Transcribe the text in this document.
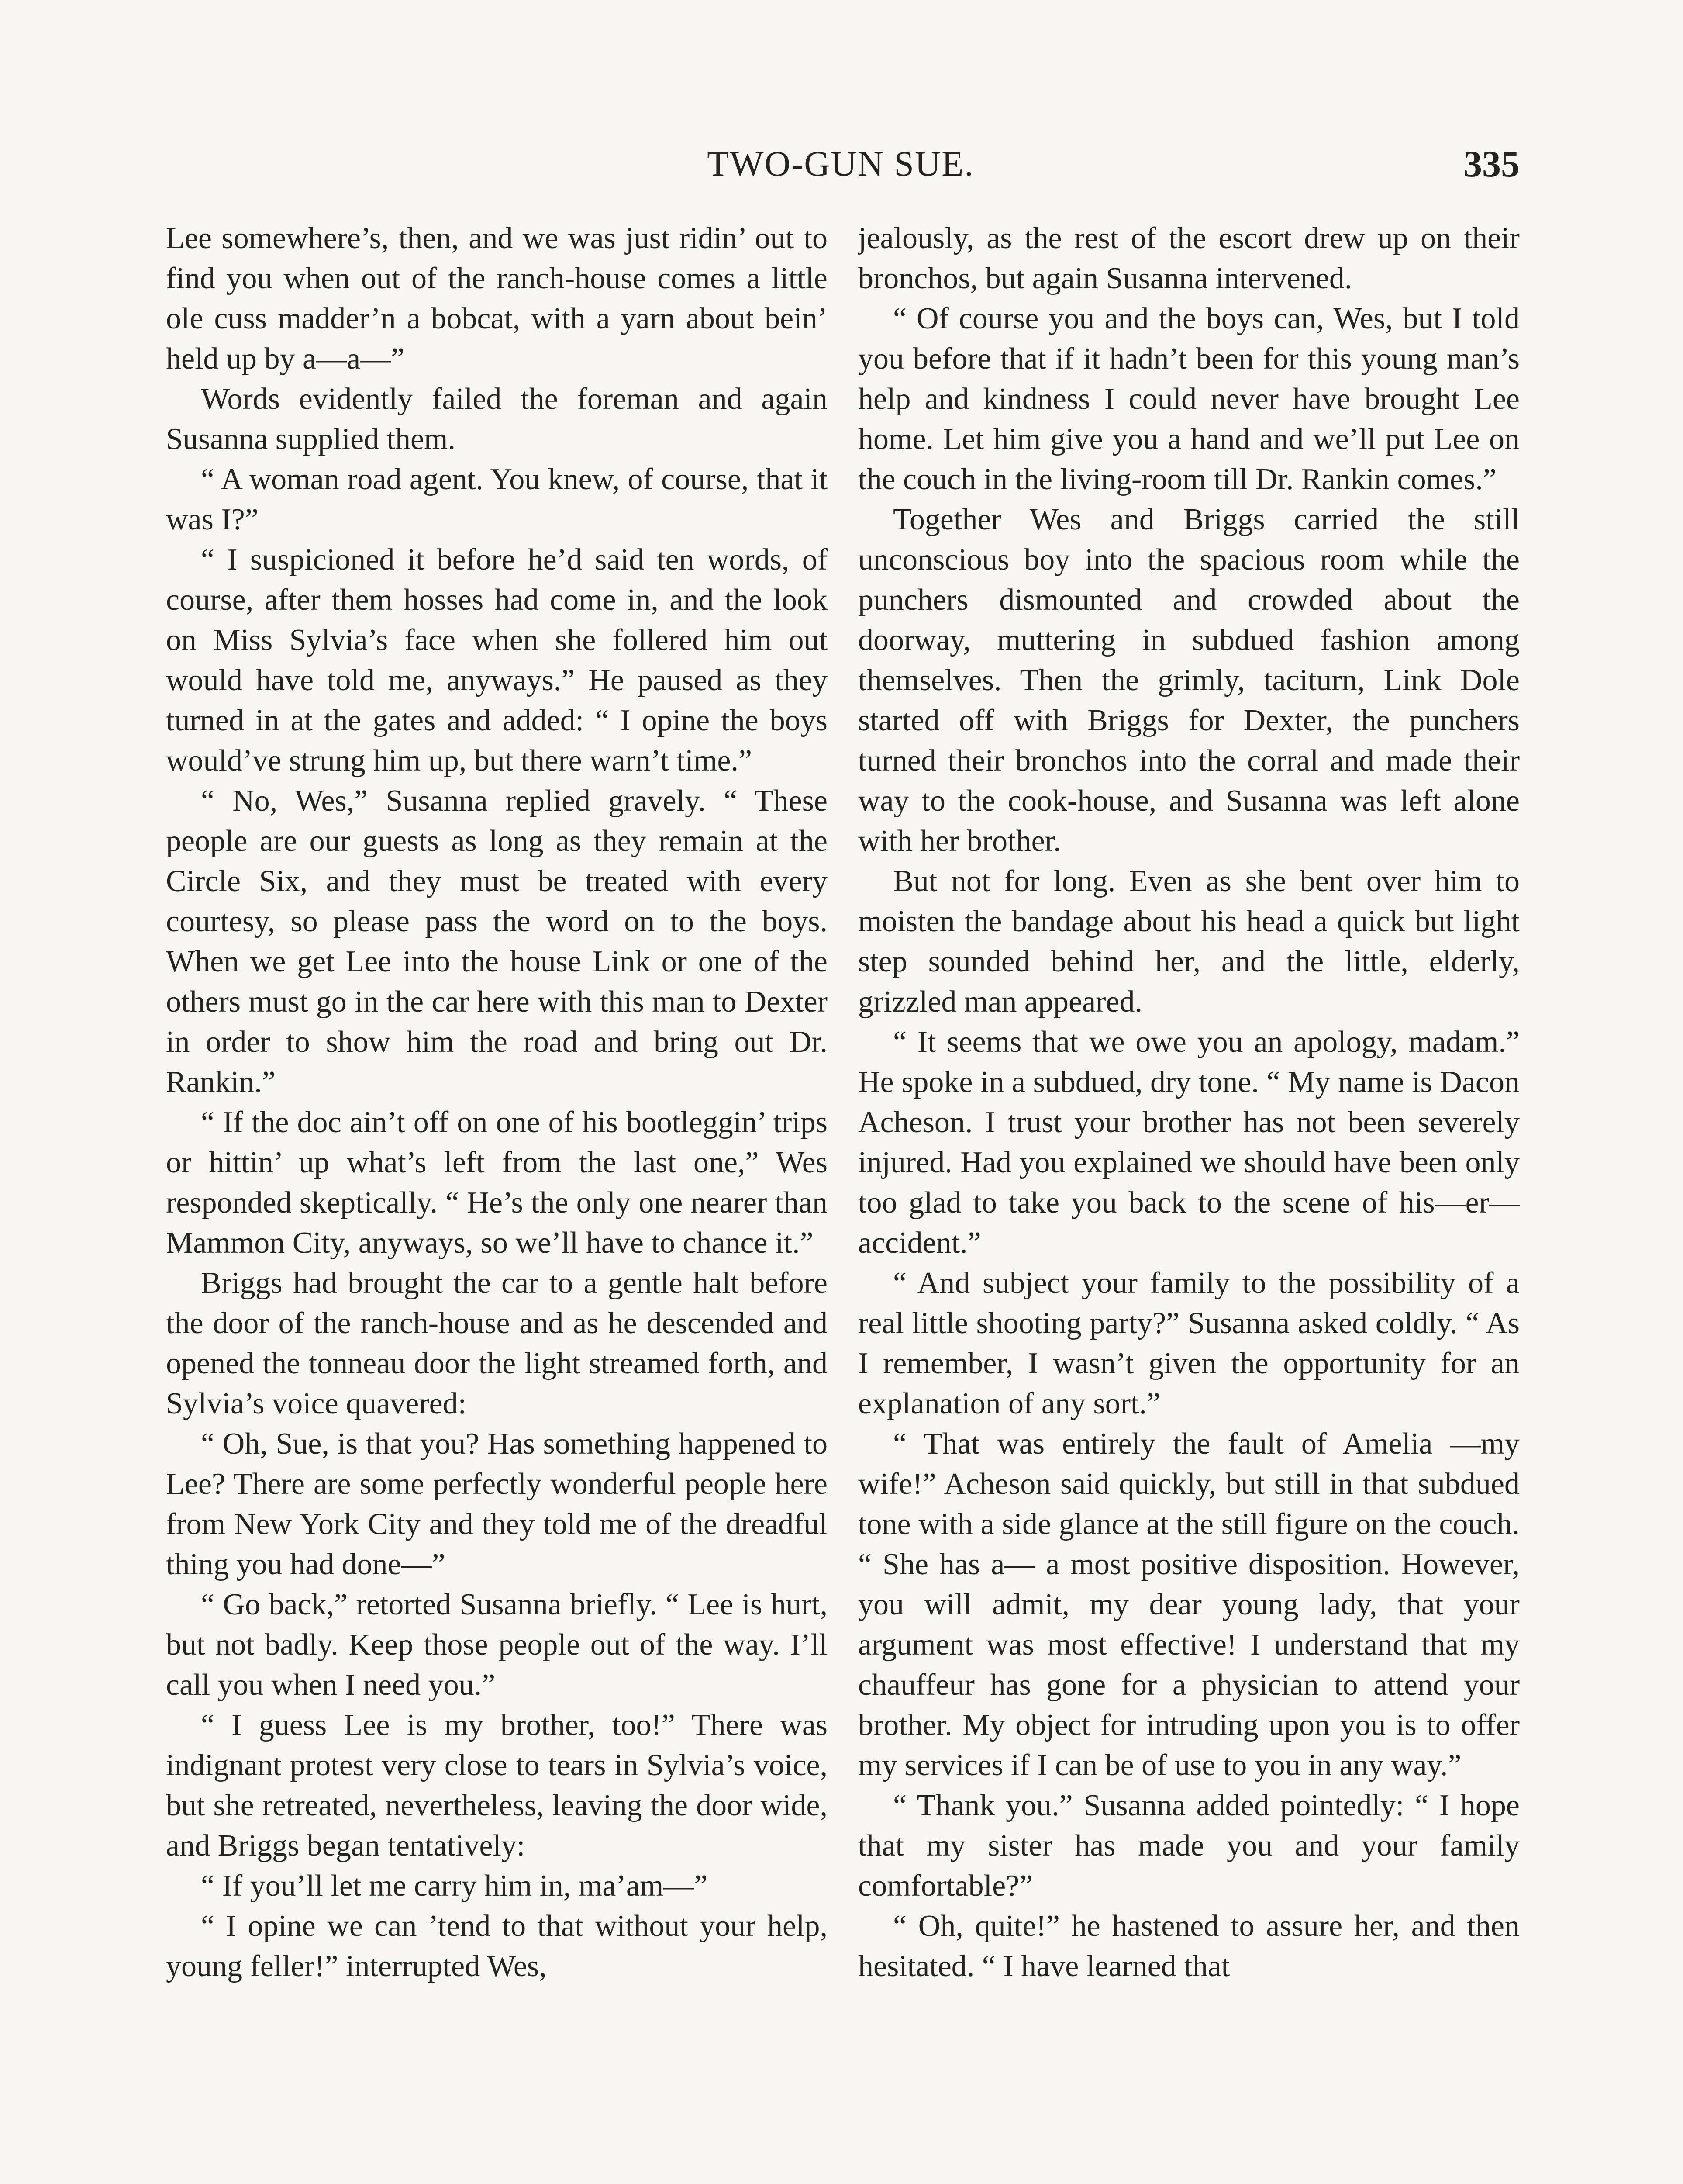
TWO-GUN SUE.	335

Lee somewhere’s, then, and we was just ridin’ out to find you when out of the ranch-house comes a little ole cuss madder’n a bobcat, with a yarn about bein’ held up by a—a—”

Words evidently failed the foreman and again Susanna supplied them.

“ A woman road agent. You knew, of course, that it was I?”

“ I suspicioned it before he’d said ten words, of course, after them hosses had come in, and the look on Miss Sylvia’s face when she follered him out would have told me, anyways.” He paused as they turned in at the gates and added: “ I opine the boys would’ve strung him up, but there warn’t time.”

“ No, Wes,” Susanna replied gravely. “ These people are our guests as long as they remain at the Circle Six, and they must be treated with every courtesy, so please pass the word on to the boys. When we get Lee into the house Link or one of the others must go in the car here with this man to Dexter in order to show him the road and bring out Dr. Rankin.”

“ If the doc ain’t off on one of his bootleggin’ trips or hittin’ up what’s left from the last one,” Wes responded skeptically. “ He’s the only one nearer than Mammon City, anyways, so we’ll have to chance it.”

Briggs had brought the car to a gentle halt before the door of the ranch-house and as he descended and opened the tonneau door the light streamed forth, and Sylvia’s voice quavered:

“ Oh, Sue, is that you? Has something happened to Lee? There are some perfectly wonderful people here from New York City and they told me of the dreadful thing you had done—”

“ Go back,” retorted Susanna briefly. “ Lee is hurt, but not badly. Keep those people out of the way. I’ll call you when I need you.”

“ I guess Lee is my brother, too!” There was indignant protest very close to tears in Sylvia’s voice, but she retreated, nevertheless, leaving the door wide, and Briggs began tentatively:

“ If you’ll let me carry him in, ma’am—”

“ I opine we can ’tend to that without your help, young feller!” interrupted Wes,

jealously, as the rest of the escort drew up on their bronchos, but again Susanna intervened.

“ Of course you and the boys can, Wes, but I told you before that if it hadn’t been for this young man’s help and kindness I could never have brought Lee home. Let him give you a hand and we’ll put Lee on the couch in the living-room till Dr. Rankin comes.”

Together Wes and Briggs carried the still unconscious boy into the spacious room while the punchers dismounted and crowded about the doorway, muttering in subdued fashion among themselves. Then the grimly, taciturn, Link Dole started off with Briggs for Dexter, the punchers turned their bronchos into the corral and made their way to the cook-house, and Susanna was left alone with her brother.

But not for long. Even as she bent over him to moisten the bandage about his head a quick but light step sounded behind her, and the little, elderly, grizzled man appeared.

“ It seems that we owe you an apology, madam.” He spoke in a subdued, dry tone. “ My name is Dacon Acheson. I trust your brother has not been severely injured. Had you explained we should have been only too glad to take you back to the scene of his—er—accident.”

“ And subject your family to the possibility of a real little shooting party?” Susanna asked coldly. “ As I remember, I wasn’t given the opportunity for an explanation of any sort.”

“ That was entirely the fault of Amelia —my wife!” Acheson said quickly, but still in that subdued tone with a side glance at the still figure on the couch. “ She has a— a most positive disposition. However, you will admit, my dear young lady, that your argument was most effective! I understand that my chauffeur has gone for a physician to attend your brother. My object for intruding upon you is to offer my services if I can be of use to you in any way.”

“ Thank you.” Susanna added pointedly: “ I hope that my sister has made you and your family comfortable?”

“ Oh, quite!” he hastened to assure her, and then hesitated. “ I have learned that
